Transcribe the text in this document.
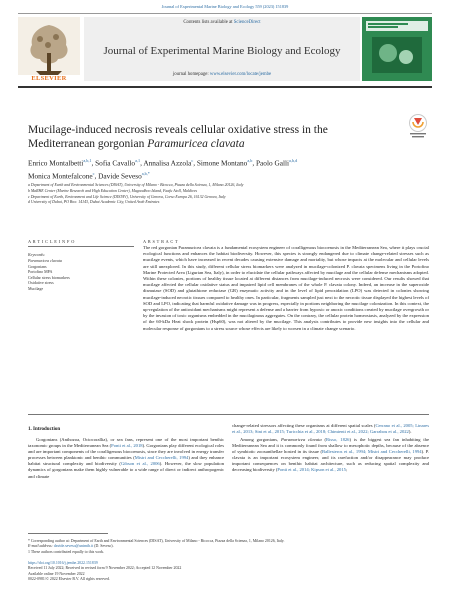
Journal of Experimental Marine Biology and Ecology 559 (2023) 151839
ELSEVIER
Contents lists available at ScienceDirect
Journal of Experimental Marine Biology and Ecology
journal homepage: www.elsevier.com/locate/jembe
Mucilage-induced necrosis reveals cellular oxidative stress in the
Mediterranean gorgonian Paramuricea clavata
Enrico Montalbetti$^{a,b,1}$, Sofia Cavallo$^{a,1}$, Annalisa Azzola$^c$, Simone Montano$^{a,b}$, Paolo Galli$^{a,b,d}$
Monica Montefalcone$^c$, Davide Seveso$^{a,b,*}$
a Department of Earth and Environmental Sciences (DISAT), University of Milano - Bicocca, Piazza della Scienza, 1, Milano 20126, Italy
b MaRHE Center (Marine Research and High Education Center), Magoodhoo Island, Faafu Atoll, Maldives
c Department of Earth, Environment and Life Science (DISTAV), University of Genova, Corso Europa 26, 16132 Genova, Italy
d University of Dubai, PO Box: 14143, Dubai Academic City, United Arab Emirates
A R T I C L E I N F O	A B S T R A C T
Keywords:
Paramuricea clavata
Gorgonians
Portofino MPA
Cellular stress biomarkers
Oxidative stress
Mucilage
The red gorgonian Paramuricea clavata is a fundamental ecosystem engineer of coralligenous biocoenosis in the Mediterranean Sea, where it plays crucial ecological functions and enhances the habitat biodiversity. However, this species is strongly endangered due to climate change-related stresses such as mucilage events, which have increased in recent decades causing extensive damage and mortality, but whose impacts at the molecular and cellular levels are still unexplored. In this study, different cellular stress biomarkers were analyzed in mucilage-colonized P. clavata specimens living in the Portofino Marine Protected Area (Ligurian Sea, Italy), in order to elucidate the cellular pathways affected by mucilage and the cellular defense mechanisms adopted. Within these colonies, portions of healthy tissue located at different distances from mucilage-induced necrosis were considered. Our results showed that mucilage affected the cellular oxidative status and impaired lipid cell membranes of the whole P. clavata colony. Indeed, an increase in the superoxide dismutase (SOD) and glutathione reductase (GR) enzymatic activity and in the level of lipid peroxidation (LPO) was detected in colonies showing mucilage-induced necrotic tissues compared to healthy ones. In particular, fragments sampled just next to the necrotic tissue displayed the highest levels of SOD and LPO, indicating that harmful oxidative damage was in progress, especially in portions neighboring the mucilage colonization. In this context, the up-regulation of the antioxidant mechanisms might represent a defense and a barrier from hypoxic or anoxic conditions created by mucilage overgrowth or by the invasion of toxic organisms embedded in the mucilaginous aggregates. On the contrary, the cellular protein homeostasis, analyzed by the expression of the 60-kDa Heat shock protein (Hsp60), was not altered by the mucilage. This analysis contributes to provide new insights into the cellular and molecular response of gorgonians to a stress source whose effects are likely to worsen in a climate change scenario.
1. Introduction

Gorgonians (Anthozoa, Octocorallia), or sea fans, represent one of the most important benthic taxonomic groups in the Mediterranean Sea (Ponti et al., 2018). Gorgonians play different ecological roles and are important components of the coralligenous biocoenosis, since they are involved in energy transfer processes between planktonic and benthic communities (Mistri and Ceccherelli, 1994) and they enhance habitat structural complexity and biodiversity (Gibson et al., 2006). However, the slow population dynamics of gorgonians make them highly vulnerable to a wide range of direct or indirect anthropogenic and climate

change-related stressors affecting these organisms at different spatial scales (Cerrano et al., 2005; Linares et al., 2013; Sini et al., 2015; Turicchia et al., 2018; Chimienti et al., 2022; Garrabou et al., 2022).

Among gorgonians, Paramuricea clavata (Risso, 1826) is the biggest sea fan inhabiting the Mediterranean Sea and it is commonly found from shallow to mesophotic depths, because of the absence of symbiotic zooxanthellae hosted in its tissue (Ballesteros et al., 1994; Mistri and Ceccherelli, 1994). P. clavata is an important ecosystem engineer, and its rarefaction and/or disappearance may produce important consequences on benthic habitat architecture, such as reducing spatial complexity and decreasing biodiversity (Ponti et al., 2014; Kipson et al., 2015;

* Corresponding author at: Department of Earth and Environmental Sciences (DISAT), University of Milano - Bicocca, Piazza della Scienza, 1, Milano 20126, Italy.
E-mail address: davide.seveso@unimib.it (D. Seveso).
1 These authors contributed equally to this work.
https://doi.org/10.1016/j.jembe.2022.151839
Received 11 July 2022; Received in revised form 9 November 2022; Accepted 12 November 2022
Available online 19 November 2022
0022-0981/© 2022 Elsevier B.V. All rights reserved.
